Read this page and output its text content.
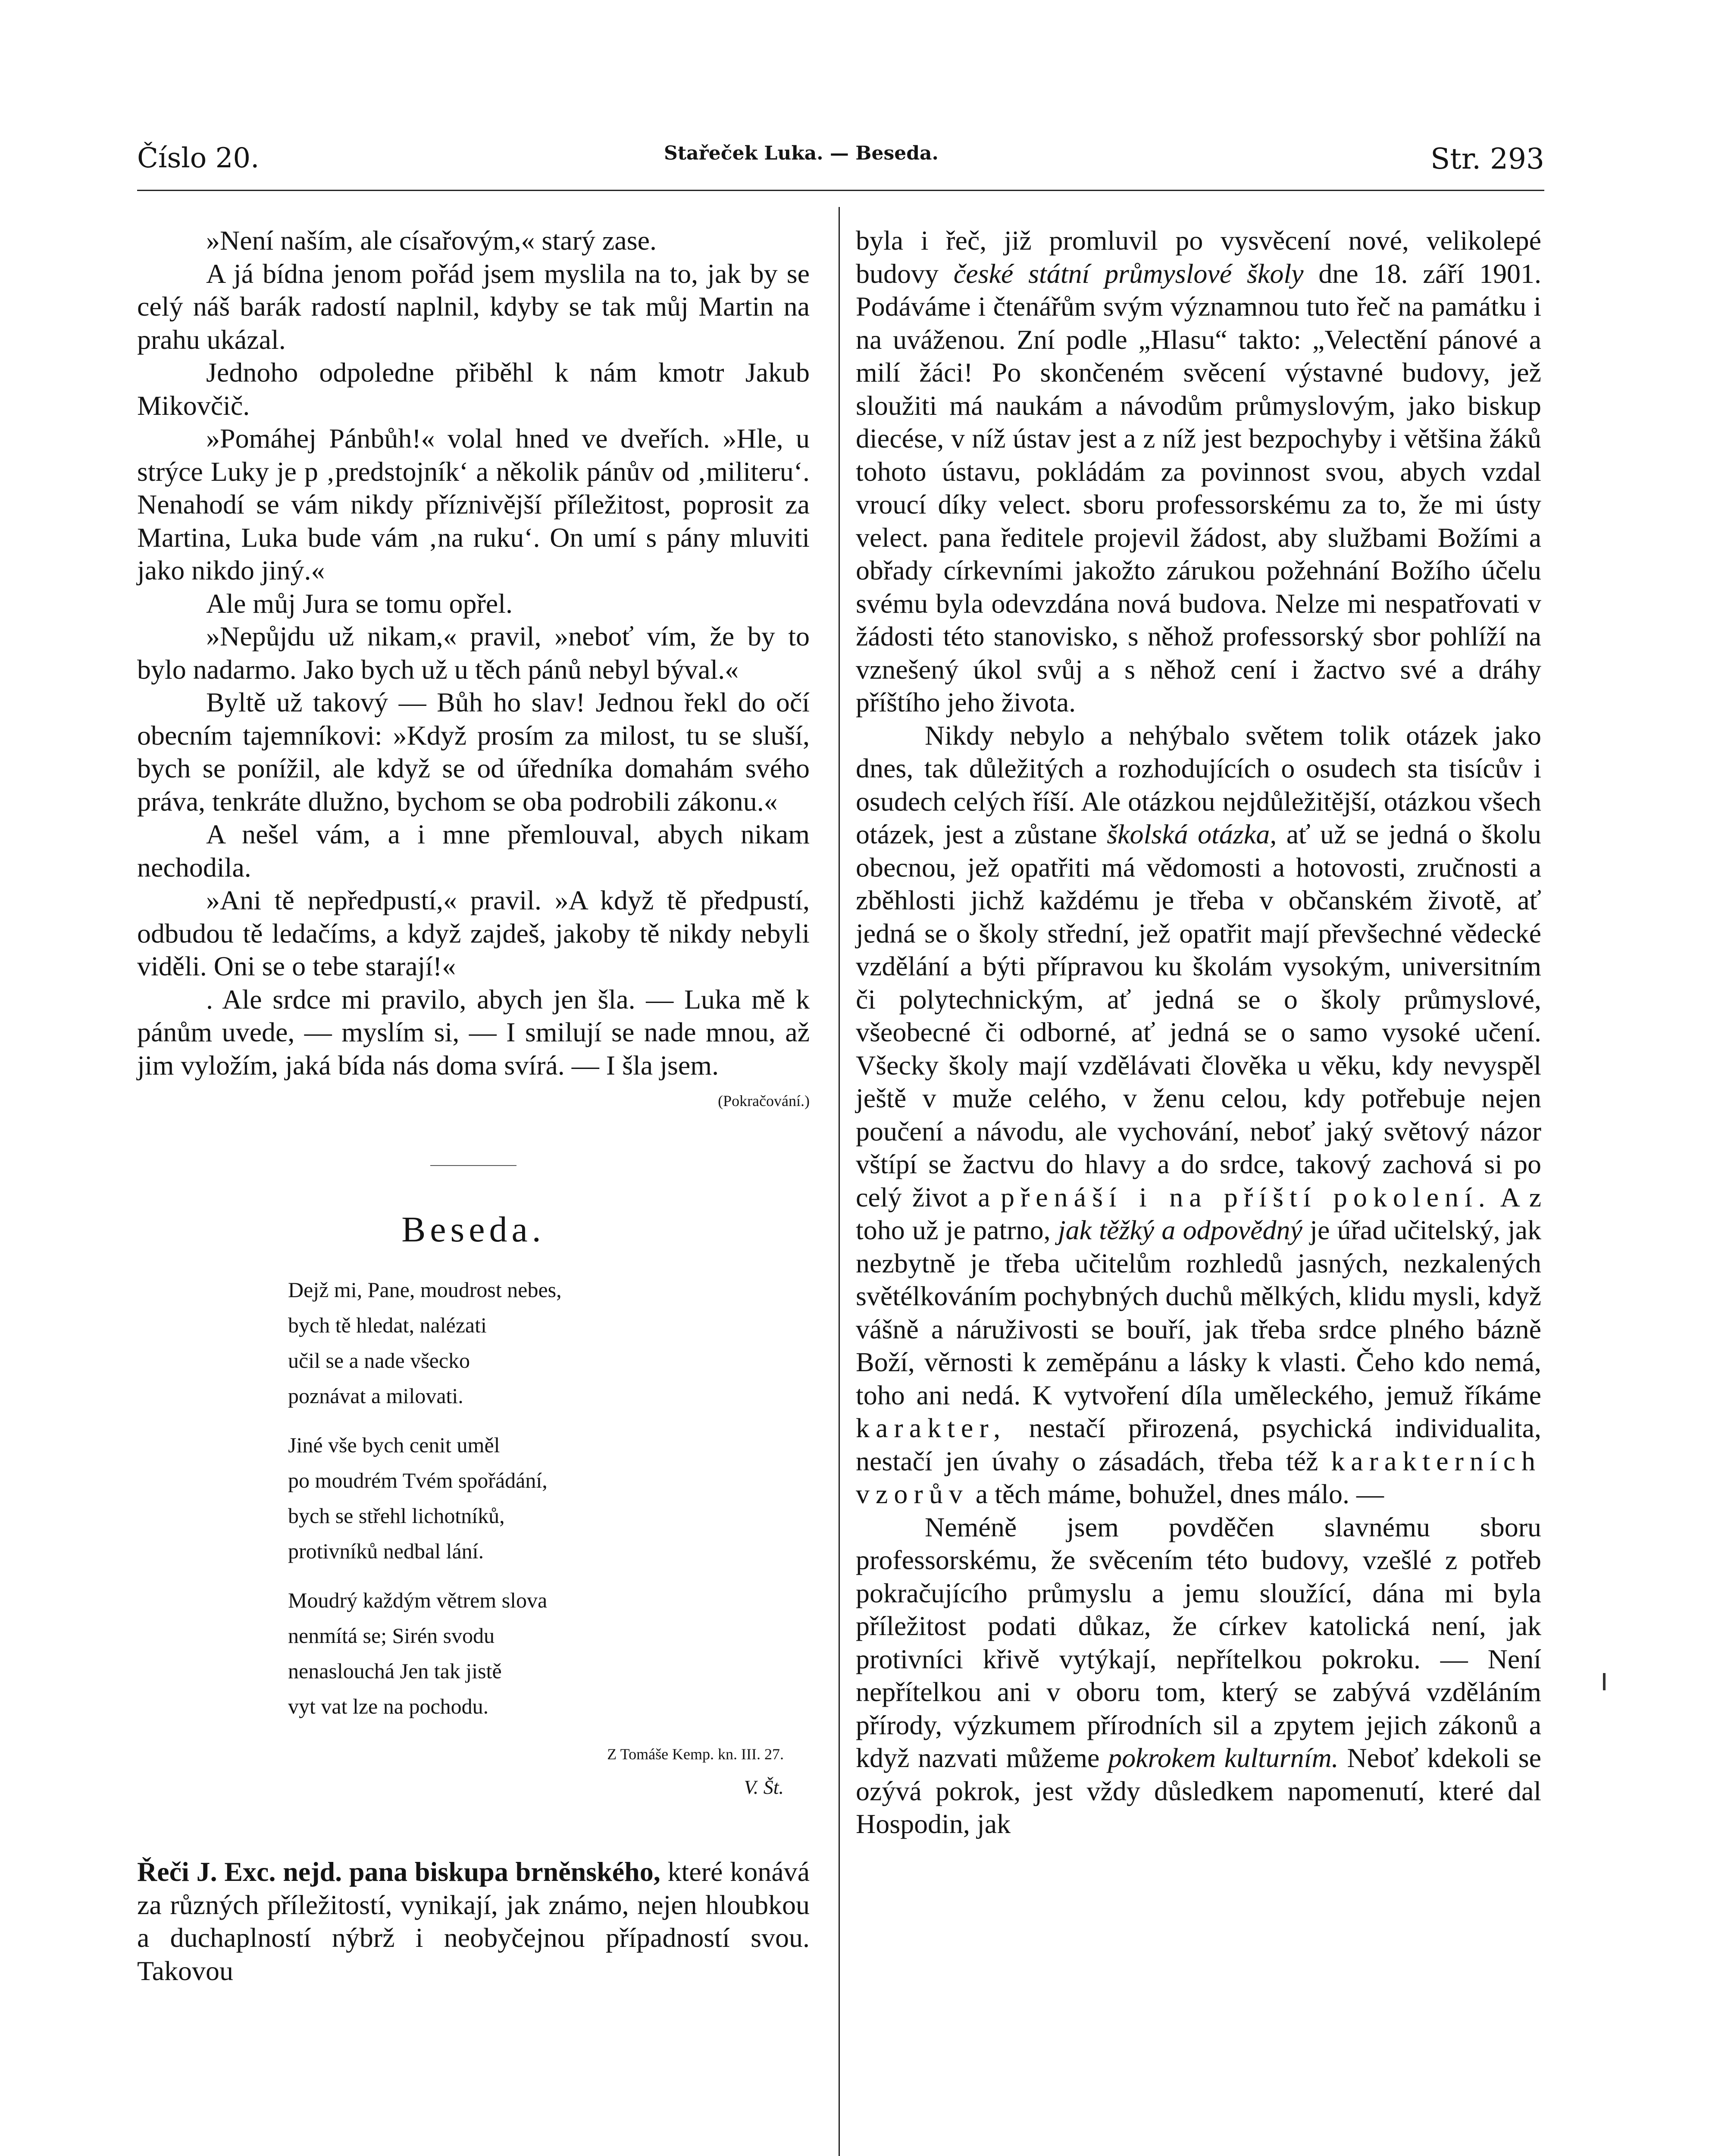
Číslo 20.	Stařeček Luka. — Beseda.	Str. 293

»Není naším, ale císařovým,« starý zase.

A já bídna jenom pořád jsem myslila na to, jak by se celý náš barák radostí naplnil, kdyby se tak můj Martin na prahu ukázal.

Jednoho odpoledne přiběhl k nám kmotr Jakub Mikovčič.

»Pomáhej Pánbůh!« volal hned ve dveřích. »Hle, u strýce Luky je p ‚predstojník‘ a několik pánův od ‚militeru‘. Nenahodí se vám nikdy příznivější příležitost, poprosit za Martina, Luka bude vám ‚na ruku‘. On umí s pány mluviti jako nikdo jiný.«

Ale můj Jura se tomu opřel.

»Nepůjdu už nikam,« pravil, »neboť vím, že by to bylo nadarmo. Jako bych už u těch pánů nebyl býval.«

Byltě už takový — Bůh ho slav! Jednou řekl do očí obecním tajemníkovi: »Když prosím za milost, tu se sluší, bych se ponížil, ale když se od úředníka domahám svého práva, tenkráte dlužno, bychom se oba podrobili zákonu.«

A nešel vám, a i mne přemlouval, abych nikam nechodila.

»Ani tě nepředpustí,« pravil. »A když tě předpustí, odbudou tě ledačíms, a když zajdeš, jakoby tě nikdy nebyli viděli. Oni se o tebe starají!«

. Ale srdce mi pravilo, abych jen šla. — Luka mě k pánům uvede, — myslím si, — I smilují se nade mnou, až jim vyložím, jaká bída nás doma svírá. — I šla jsem.

(Pokračování.)

Beseda.
Dejž mi, Pane, moudrost nebes,
bych tě hledat, nalézati
učil se a nade všecko
poznávat a milovati.
Jiné vše bych cenit uměl
po moudrém Tvém spořádání,
bych se střehl lichotníků,
protivníků nedbal lání.
Moudrý každým větrem slova
nenmítá se; Sirén svodu
nenaslouchá Jen tak jistě
vyt vat lze na pochodu.
Z Tomáše Kemp. kn. III. 27.
V. Št.

Řeči J. Exc. nejd. pana biskupa brněnského, které konává za různých příležitostí, vynikají, jak známo, nejen hloubkou a duchaplností nýbrž i neobyčejnou případností svou. Takovou

byla i řeč, již promluvil po vysvěcení nové, velikolepé budovy české státní průmyslové školy dne 18. září 1901. Podáváme i čtenářům svým významnou tuto řeč na památku i na uváženou. Zní podle „Hlasu“ takto: „Velectění pánové a milí žáci! Po skončeném svěcení výstavné budovy, jež sloužiti má naukám a návodům průmyslovým, jako biskup diecése, v níž ústav jest a z níž jest bezpochyby i většina žáků tohoto ústavu, pokládám za povinnost svou, abych vzdal vroucí díky velect. sboru professorskému za to, že mi ústy velect. pana ředitele projevil žádost, aby službami Božími a obřady církevními jakožto zárukou požehnání Božího účelu svému byla odevzdána nová budova. Nelze mi nespatřovati v žádosti této stanovisko, s něhož professorský sbor pohlíží na vznešený úkol svůj a s něhož cení i žactvo své a dráhy příštího jeho života.

Nikdy nebylo a nehýbalo světem tolik otázek jako dnes, tak důležitých a rozhodujících o osudech sta tisícův i osudech celých říší. Ale otázkou nejdůležitější, otázkou všech otázek, jest a zůstane školská otázka, ať už se jedná o školu obecnou, jež opatřiti má vědomosti a hotovosti, zručnosti a zběhlosti jichž každému je třeba v občanském životě, ať jedná se o školy střední, jež opatřit mají převšechné vědecké vzdělání a býti přípravou ku školám vysokým, universitním či polytechnickým, ať jedná se o školy průmyslové, všeobecné či odborné, ať jedná se o samo vysoké učení. Všecky školy mají vzdělávati člověka u věku, kdy nevyspěl ještě v muže celého, v ženu celou, kdy potřebuje nejen poučení a návodu, ale vychování, neboť jaký světový názor vštípí se žactvu do hlavy a do srdce, takový zachová si po celý život a přenáší i na příští pokolení. A z toho už je patrno, jak těžký a odpovědný je úřad učitelský, jak nezbytně je třeba učitelům rozhledů jasných, nezkalených světélkováním pochybných duchů mělkých, klidu mysli, když vášně a náruživosti se bouří, jak třeba srdce plného bázně Boží, věrnosti k zeměpánu a lásky k vlasti. Čeho kdo nemá, toho ani nedá. K vytvoření díla uměleckého, jemuž říkáme karakter, nestačí přirozená, psychická individualita, nestačí jen úvahy o zásadách, třeba též karakterních vzorův a těch máme, bohužel, dnes málo. —

Neméně jsem povděčen slavnému sboru professorskému, že svěcením této budovy, vzešlé z potřeb pokračujícího průmyslu a jemu sloužící, dána mi byla příležitost podati důkaz, že církev katolická není, jak protivníci křivě vytýkají, nepřítelkou pokroku. — Není nepřítelkou ani v oboru tom, který se zabývá vzděláním přírody, výzkumem přírodních sil a zpytem jejich zákonů a když nazvati můžeme pokrokem kulturním. Neboť kdekoli se ozývá pokrok, jest vždy důsledkem napomenutí, které dal Hospodin, jak
